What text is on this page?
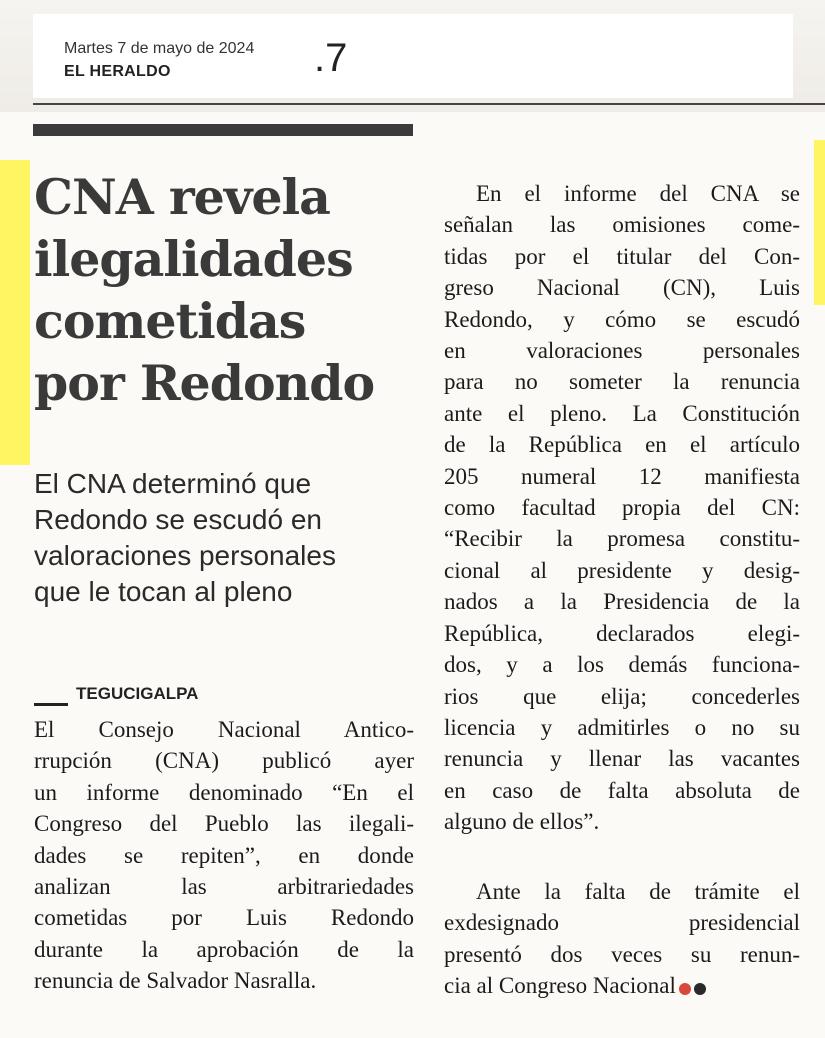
Martes 7 de mayo de 2024
EL HERALDO	.7
CNA revela
ilegalidades
cometidas
por Redondo
El CNA determinó que
Redondo se escudó en
valoraciones personales
que le tocan al pleno
TEGUCIGALPA
El Consejo Nacional Antico-
rrupción (CNA) publicó ayer
un informe denominado “En el
Congreso del Pueblo las ilegali-
dades se repiten”, en donde
analizan las arbitrariedades
cometidas por Luis Redondo
durante la aprobación de la
renuncia de Salvador Nasralla.
En el informe del CNA se
señalan las omisiones come-
tidas por el titular del Con-
greso Nacional (CN), Luis
Redondo, y cómo se escudó
en valoraciones personales
para no someter la renuncia
ante el pleno. La Constitución
de la República en el artículo
205 numeral 12 manifiesta
como facultad propia del CN:
“Recibir la promesa constitu-
cional al presidente y desig-
nados a la Presidencia de la
República, declarados elegi-
dos, y a los demás funciona-
rios que elija; concederles
licencia y admitirles o no su
renuncia y llenar las vacantes
en caso de falta absoluta de
alguno de ellos”.
Ante la falta de trámite el
exdesignado presidencial
presentó dos veces su renun-
cia al Congreso Nacional
